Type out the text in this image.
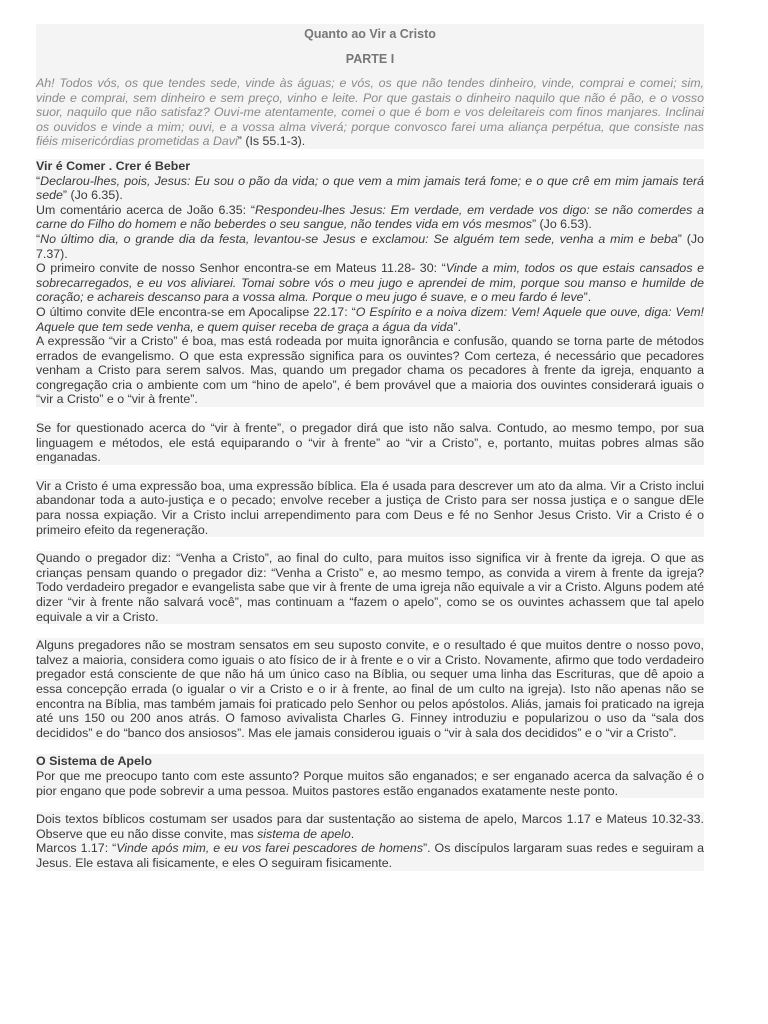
Quanto ao Vir a Cristo
PARTE I

Ah! Todos vós, os que tendes sede, vinde às águas; e vós, os que não tendes dinheiro, vinde, comprai e comei; sim, vinde e comprai, sem dinheiro e sem preço, vinho e leite. Por que gastais o dinheiro naquilo que não é pão, e o vosso suor, naquilo que não satisfaz? Ouvi-me atentamente, comei o que é bom e vos deleitareis com finos manjares. Inclinai os ouvidos e vinde a mim; ouvi, e a vossa alma viverá; porque convosco farei uma aliança perpétua, que consiste nas fiéis misericórdias prometidas a Davi” (Is 55.1-3).

Vir é Comer . Crer é Beber

“Declarou-lhes, pois, Jesus: Eu sou o pão da vida; o que vem a mim jamais terá fome; e o que crê em mim jamais terá sede” (Jo 6.35).

Um comentário acerca de João 6.35: “Respondeu-lhes Jesus: Em verdade, em verdade vos digo: se não comerdes a carne do Filho do homem e não beberdes o seu sangue, não tendes vida em vós mesmos” (Jo 6.53).

“No último dia, o grande dia da festa, levantou-se Jesus e exclamou: Se alguém tem sede, venha a mim e beba” (Jo 7.37).

O primeiro convite de nosso Senhor encontra-se em Mateus 11.28- 30: “Vinde a mim, todos os que estais cansados e sobrecarregados, e eu vos aliviarei. Tomai sobre vós o meu jugo e aprendei de mim, porque sou manso e humilde de coração; e achareis descanso para a vossa alma. Porque o meu jugo é suave, e o meu fardo é leve”.

O último convite dEle encontra-se em Apocalipse 22.17: “O Espírito e a noiva dizem: Vem! Aquele que ouve, diga: Vem! Aquele que tem sede venha, e quem quiser receba de graça a água da vida”.

A expressão “vir a Cristo” é boa, mas está rodeada por muita ignorância e confusão, quando se torna parte de métodos errados de evangelismo. O que esta expressão significa para os ouvintes? Com certeza, é necessário que pecadores venham a Cristo para serem salvos. Mas, quando um pregador chama os pecadores à frente da igreja, enquanto a congregação cria o ambiente com um “hino de apelo”, é bem provável que a maioria dos ouvintes considerará iguais o “vir a Cristo” e o “vir à frente”.

Se for questionado acerca do “vir à frente”, o pregador dirá que isto não salva. Contudo, ao mesmo tempo, por sua linguagem e métodos, ele está equiparando o “vir à frente” ao “vir a Cristo”, e, portanto, muitas pobres almas são enganadas.

Vir a Cristo é uma expressão boa, uma expressão bíblica. Ela é usada para descrever um ato da alma. Vir a Cristo inclui abandonar toda a auto-justiça e o pecado; envolve receber a justiça de Cristo para ser nossa justiça e o sangue dEle para nossa expiação. Vir a Cristo inclui arrependimento para com Deus e fé no Senhor Jesus Cristo. Vir a Cristo é o primeiro efeito da regeneração.

Quando o pregador diz: “Venha a Cristo”, ao final do culto, para muitos isso significa vir à frente da igreja. O que as crianças pensam quando o pregador diz: “Venha a Cristo” e, ao mesmo tempo, as convida a virem à frente da igreja? Todo verdadeiro pregador e evangelista sabe que vir à frente de uma igreja não equivale a vir a Cristo. Alguns podem até dizer “vir à frente não salvará você”, mas continuam a “fazem o apelo”, como se os ouvintes achassem que tal apelo equivale a vir a Cristo.

Alguns pregadores não se mostram sensatos em seu suposto convite, e o resultado é que muitos dentre o nosso povo, talvez a maioria, considera como iguais o ato físico de ir à frente e o vir a Cristo. Novamente, afirmo que todo verdadeiro pregador está consciente de que não há um único caso na Bíblia, ou sequer uma linha das Escrituras, que dê apoio a essa concepção errada (o igualar o vir a Cristo e o ir à frente, ao final de um culto na igreja). Isto não apenas não se encontra na Bíblia, mas também jamais foi praticado pelo Senhor ou pelos apóstolos. Aliás, jamais foi praticado na igreja até uns 150 ou 200 anos atrás. O famoso avivalista Charles G. Finney introduziu e popularizou o uso da “sala dos decididos” e do “banco dos ansiosos”. Mas ele jamais considerou iguais o “vir à sala dos decididos” e o “vir a Cristo”.

O Sistema de Apelo

Por que me preocupo tanto com este assunto? Porque muitos são enganados; e ser enganado acerca da salvação é o pior engano que pode sobrevir a uma pessoa. Muitos pastores estão enganados exatamente neste ponto.

Dois textos bíblicos costumam ser usados para dar sustentação ao sistema de apelo, Marcos 1.17 e Mateus 10.32-33. Observe que eu não disse convite, mas sistema de apelo.

Marcos 1.17: “Vinde após mim, e eu vos farei pescadores de homens”. Os discípulos largaram suas redes e seguiram a Jesus. Ele estava ali fisicamente, e eles O seguiram fisicamente.
